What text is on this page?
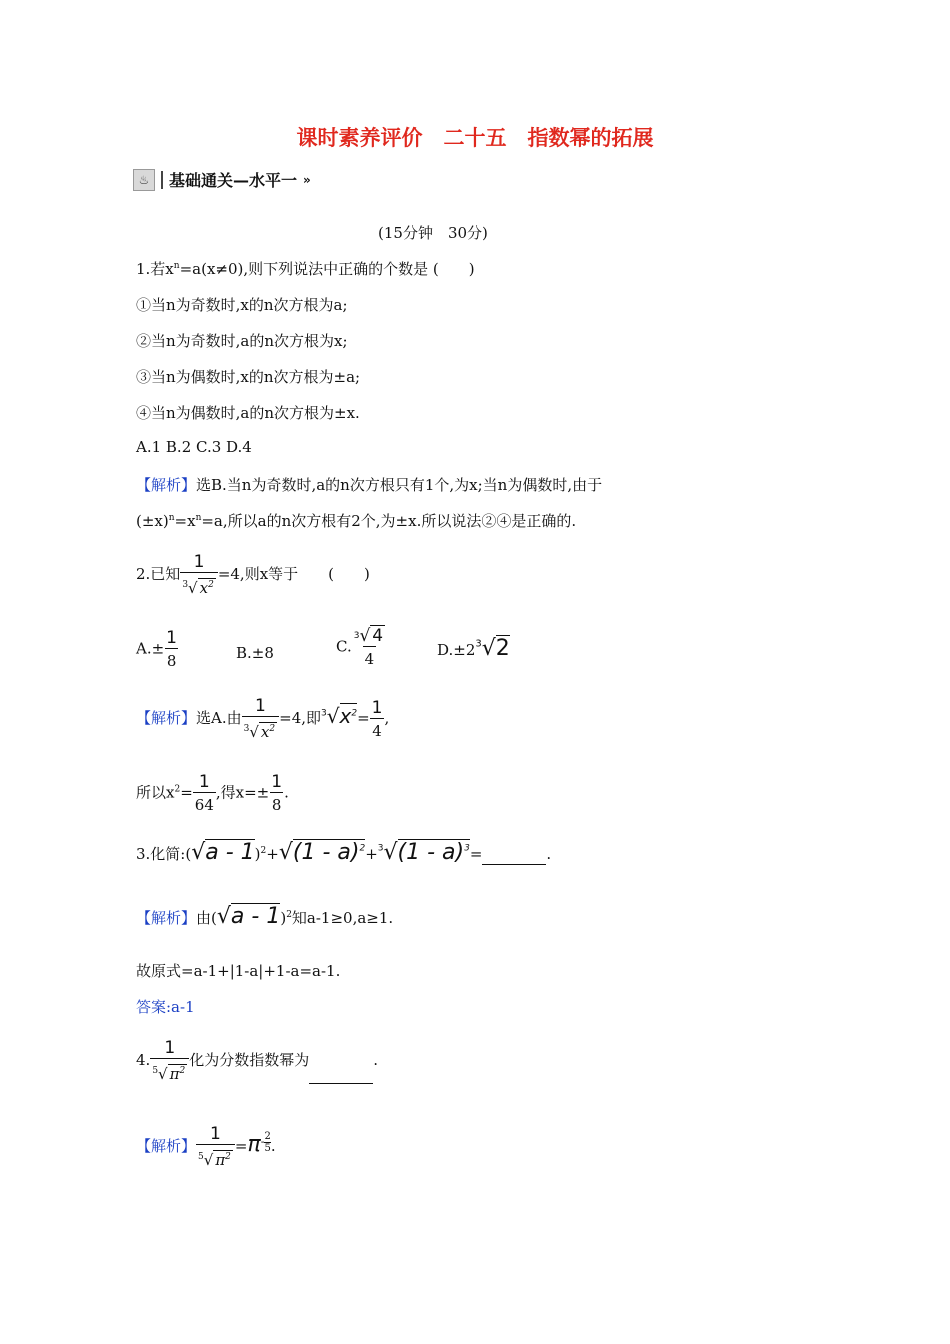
课时素养评价　二十五　指数幂的拓展
♨	基础通关—水平一 »
(15分钟　30分)
1.若$x^n=a(x\ne 0)$,则下列说法中正确的个数是 (　　)
①当n为奇数时,x的n次方根为a;
②当n为奇数时,a的n次方根为x;
③当n为偶数时,x的n次方根为±a;
④当n为偶数时,a的n次方根为±x.
A.1 B.2 C.3 D.4
【解析】选B.当n为奇数时,a的n次方根只有1个,为x;当n为偶数时,由于
$(\pm x)^n=x^n=a$,所以a的n次方根有2个,为±x.所以说法②④是正确的.
2.已知 $\frac{1}{^3√ x^2} =4$,则x等于　　(　　)
$A.\pm \frac{1}{8}$	B.±8	C. $\frac{^3√ 4}{4}$	$D.\pm 2^3√2$
【解析】选A.由 $\frac{1}{^3√ x^2} =4$,即$^3√x^2= \frac{1}{4}$ ,
所以$x^2= \frac{1}{64}$ ,得$x=\pm \frac{1}{8}$ .
3.化简:(√a - 1)$^2$+√(1 - a)$^2$+$^3$√(1 - a)$^3$=	.
【解析】由(√a - 1)$^2$知a-1≥0,a≥1.
故原式=a-1+|1-a|+1-a=a-1.
答案:a-1
4. $\frac{1}{^5√ \pi^2}$ 化为分数指数幂为	.
【解析】 $\frac{1}{^5√ \pi^2} =\pi^{- \frac{2}{5}}$ .
